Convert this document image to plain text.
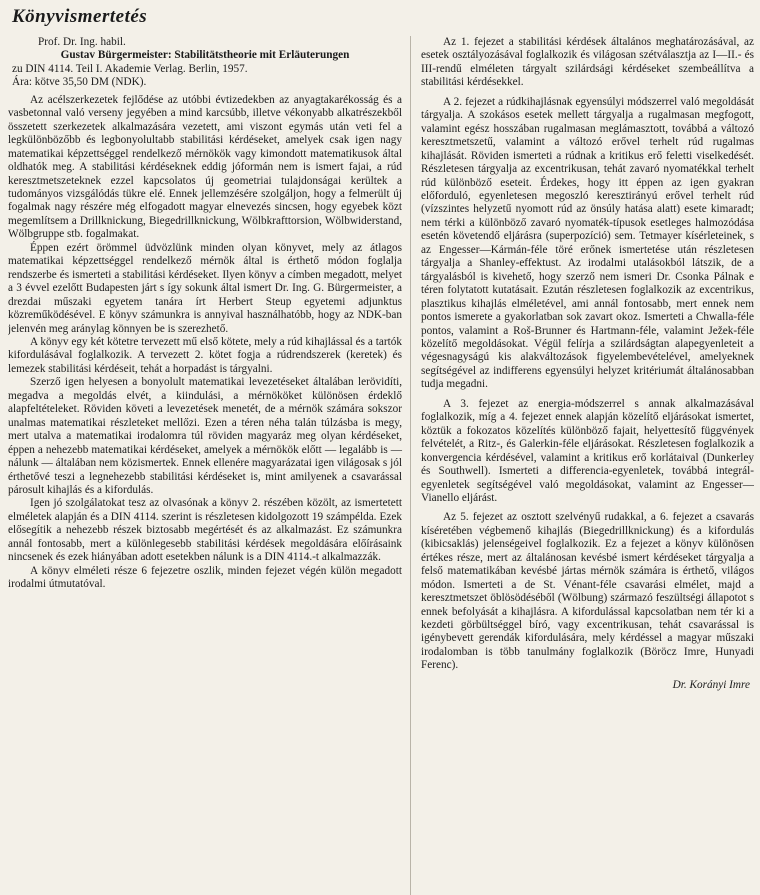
Könyvismertetés

Prof. Dr. Ing. habil.

Gustav Bürgermeister: Stabilitätstheorie mit Erläuterungen

zu DIN 4114. Teil I. Akademie Verlag. Berlin, 1957.
Ára: kötve 35,50 DM (NDK).

Az acélszerkezetek fejlődése az utóbbi évtizedekben az anyagtakarékosság és a vasbetonnal való verseny jegyében a mind karcsúbb, illetve vékonyabb alkatrészekből összetett szerkezetek alkalmazására vezetett, ami viszont egymás után veti fel a legkülönbözőbb és legbonyolultabb stabilitási kérdéseket, amelyek csak igen nagy matematikai képzettséggel rendelkező mérnökök vagy kimondott matematikusok által oldhatók meg. A stabilitási kérdéseknek eddig jóformán nem is ismert fajai, a rúd keresztmetszeteknek ezzel kapcsolatos új geometriai tulajdonságai kerültek a tudományos vizsgálódás tükre elé. Ennek jellemzésére szolgáljon, hogy a felmerült új fogalmak nagy részére még elfogadott magyar elnevezés sincsen, hogy egyebek közt megemlítsem a Drillknickung, Biegedrillknickung, Wölbkrafttorsion, Wölbwiderstand, Wölbgruppe stb. fogalmakat.

Éppen ezért örömmel üdvözlünk minden olyan könyvet, mely az átlagos matematikai képzettséggel rendelkező mérnök által is érthető módon foglalja rendszerbe és ismerteti a stabilitási kérdéseket. Ilyen könyv a címben megadott, melyet a 3 évvel ezelőtt Budapesten járt s így sokunk által ismert Dr. Ing. G. Bürgermeister, a drezdai műszaki egyetem tanára írt Herbert Steup egyetemi adjunktus közreműködésével. E könyv számunkra is annyival használhatóbb, hogy az NDK-ban jelenvén meg aránylag könnyen be is szerezhető.

A könyv egy két kötetre tervezett mű első kötete, mely a rúd kihajlással és a tartók kifordulásával foglalkozik. A tervezett 2. kötet fogja a rúdrendszerek (keretek) és lemezek stabilitási kérdéseit, tehát a horpadást is tárgyalni.

Szerző igen helyesen a bonyolult matematikai levezetéseket általában lerövidíti, megadva a megoldás elvét, a kiindulási, a mérnököket különösen érdeklő alapfeltételeket. Röviden követi a levezetések menetét, de a mérnök számára sokszor unalmas matematikai részleteket mellőzi. Ezen a téren néha talán túlzásba is megy, mert utalva a matematikai irodalomra túl röviden magyaráz meg olyan kérdéseket, éppen a nehezebb matematikai kérdéseket, amelyek a mérnökök előtt — legalább is — nálunk — általában nem közismertek. Ennek ellenére magyarázatai igen világosak s jól érthetővé teszi a legnehezebb stabilitási kérdéseket is, mint amilyenek a csavarással párosult kihajlás és a kifordulás.

Igen jó szolgálatokat tesz az olvasónak a könyv 2. részében közölt, az ismertetett elméletek alapján és a DIN 4114. szerint is részletesen kidolgozott 19 számpélda. Ezek elősegítik a nehezebb részek biztosabb megértését és az alkalmazást. Ez számunkra annál fontosabb, mert a különlegesebb stabilitási kérdések megoldására előírásaink nincsenek és ezek hiányában adott esetekben nálunk is a DIN 4114.-t alkalmazzák.

A könyv elméleti része 6 fejezetre oszlik, minden fejezet végén külön megadott irodalmi útmutatóval.

Az 1. fejezet a stabilitási kérdések általános meghatározásával, az esetek osztályozásával foglalkozik és világosan szétválasztja az I—II.- és III-rendű elméleten tárgyalt szilárdsági kérdéseket szembeállítva a stabilitási kérdésekkel.

A 2. fejezet a rúdkihajlásnak egyensúlyi módszerrel való megoldását tárgyalja. A szokásos esetek mellett tárgyalja a rugalmasan megfogott, valamint egész hosszában rugalmasan meglámasztott, továbbá a változó keresztmetszetű, valamint a változó erővel terhelt rúd rugalmas kihajlását. Röviden ismerteti a rúdnak a kritikus erő feletti viselkedését. Részletesen tárgyalja az excentrikusan, tehát zavaró nyomatékkal terhelt rúd különböző eseteit. Érdekes, hogy itt éppen az igen gyakran előforduló, egyenletesen megoszló keresztirányú erővel terhelt rúd (vízszintes helyzetű nyomott rúd az önsúly hatása alatt) esete kimaradt; nem térki a különböző zavaró nyomaték-típusok esetleges halmozódása esetén követendő eljárásra (superpozíció) sem. Tetmayer kísérleteinek, s az Engesser—Kármán-féle töré erőnek ismertetése után részletesen tárgyalja a Shanley-effektust. Az irodalmi utalásokból látszik, de a tárgyalásból is kivehető, hogy szerző nem ismeri Dr. Csonka Pálnak e téren folytatott kutatásait. Ezután részletesen foglalkozik az excentrikus, plasztikus kihajlás elméletével, ami annál fontosabb, mert ennek nem pontos ismerete a gyakorlatban sok zavart okoz. Ismerteti a Chwalla-féle pontos, valamint a Roš-Brunner és Hartmann-féle, valamint Ježek-féle közelítő megoldásokat. Végül felírja a szilárdságtan alapegyenleteit a végesnagyságú kis alakváltozások figyelembevételével, amelyeknek segítségével az indifferens egyensúlyi helyzet kritériumát általánosabban tudja megadni.

A 3. fejezet az energia-módszerrel s annak alkalmazásával foglalkozik, míg a 4. fejezet ennek alapján közelítő eljárásokat ismertet, köztük a fokozatos közelítés különböző fajait, helyettesítő függvények felvételét, a Ritz-, és Galerkin-féle eljárásokat. Részletesen foglalkozik a konvergencia kérdésével, valamint a kritikus erő korlátaival (Dunkerley és Southwell). Ismerteti a differencia-egyenletek, továbbá integrál-egyenletek segítségével való megoldásokat, valamint az Engesser—Vianello eljárást.

Az 5. fejezet az osztott szelvényű rudakkal, a 6. fejezet a csavarás kíséretében végbemenő kihajlás (Biegedrillknickung) és a kifordulás (kibicsaklás) jelenségeivel foglalkozik. Ez a fejezet a könyv különösen értékes része, mert az általánosan kevésbé ismert kérdéseket tárgyalja a felső matematikában kevésbé jártas mérnök számára is érthető, világos módon. Ismerteti a de St. Vénant-féle csavarási elmélet, majd a keresztmetszet öblösödéséből (Wölbung) származó feszültségi állapotot s ennek befolyását a kihajlásra. A kifordulással kapcsolatban nem tér ki a kezdeti görbültséggel bíró, vagy excentrikusan, tehát csavarással is igénybevett gerendák kifordulására, mely kérdéssel a magyar műszaki irodalomban is több tanulmány foglalkozik (Böröcz Imre, Hunyadi Ferenc).

Dr. Korányi Imre
